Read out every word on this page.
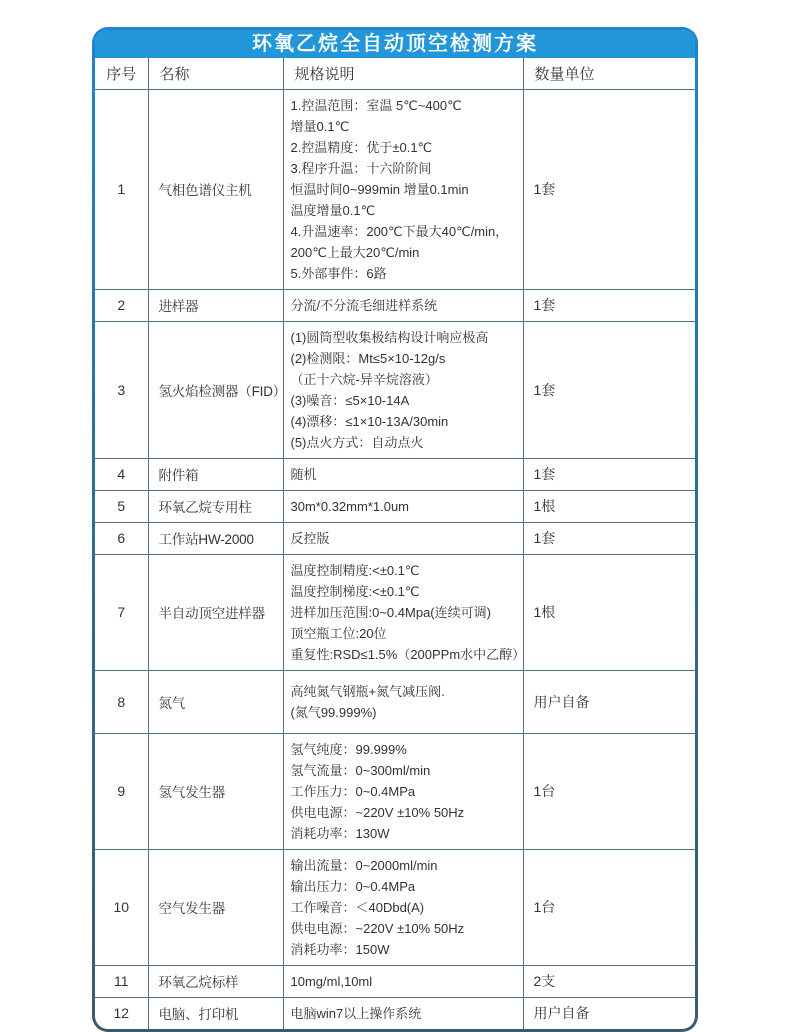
环氧乙烷全自动顶空检测方案
序号	名称	规格说明	数量单位
1	气相色谱仪主机	
1.控温范围：室温 5℃~400℃
增量0.1℃
2.控温精度：优于±0.1℃
3.程序升温：十六阶阶间
恒温时间0~999min 增量0.1min
温度增量0.1℃
4.升温速率：200℃下最大40℃/min，
200℃上最大20℃/min
5.外部事件：6路
	1套
2	进样器	分流/不分流毛细进样系统	1套
3	氢火焰检测器（FID）	
(1)圆筒型收集极结构设计响应极高
(2)检测限：Mt≤5×10-12g/s
（正十六烷-异辛烷溶液）
(3)噪音：≤5×10-14A
(4)漂移：≤1×10-13A/30min
(5)点火方式：自动点火
	1套
4	附件箱	随机	1套
5	环氧乙烷专用柱	30m*0.32mm*1.0um	1根
6	工作站HW-2000	反控版	1套
7	半自动顶空进样器	温度控制精度:<±0.1℃
温度控制梯度:<±0.1℃
进样加压范围:0~0.4Mpa(连续可调)
顶空瓶工位:20位
重复性:RSD≤1.5%（200PPm水中乙醇）	1根
8	氮气	高纯氮气钢瓶+氮气减压阀.
(氮气99.999%)	用户自备
9	氢气发生器	氢气纯度：99.999%
氢气流量：0~300ml/min
工作压力：0~0.4MPa
供电电源：~220V ±10% 50Hz
消耗功率：130W	1台
10	空气发生器	输出流量：0~2000ml/min
输出压力：0~0.4MPa
工作噪音：＜40Dbd(A)
供电电源：~220V ±10% 50Hz
消耗功率：150W	1台
11	环氧乙烷标样	10mg/ml,10ml	2支
12	电脑、打印机	电脑win7以上操作系统	用户自备
